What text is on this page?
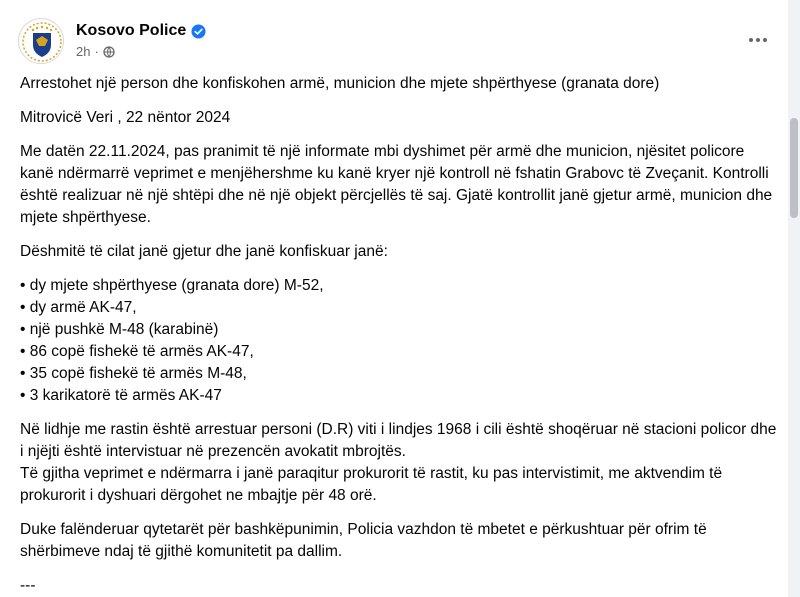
Kosovo Police
2h ·

Arrestohet një person dhe konfiskohen armë, municion dhe mjete shpërthyese (granata dore)

Mitrovicë Veri , 22 nëntor 2024

Me datën 22.11.2024, pas pranimit të një informate mbi dyshimet për armë dhe municion, njësitet policore kanë ndërmarrë veprimet e menjëhershme ku kanë kryer një kontroll në fshatin Grabovc të Zveçanit. Kontrolli është realizuar në një shtëpi dhe në një objekt përcjellës të saj. Gjatë kontrollit janë gjetur armë, municion dhe mjete shpërthyese.

Dëshmitë të cilat janë gjetur dhe janë konfiskuar janë:

• dy mjete shpërthyese (granata dore) M-52,
• dy armë AK-47,
• një pushkë M-48 (karabinë)
• 86 copë fishekë të armës AK-47,
• 35 copë fishekë të armës M-48,
• 3 karikatorë të armës AK-47

Në lidhje me rastin është arrestuar personi (D.R) viti i lindjes 1968 i cili është shoqëruar në stacioni policor dhe i njëjti është intervistuar në prezencën avokatit mbrojtës.
Të gjitha veprimet e ndërmarra i janë paraqitur prokurorit të rastit, ku pas intervistimit, me aktvendim të prokurorit i dyshuari dërgohet ne mbajtje për 48 orë.

Duke falënderuar qytetarët për bashkëpunimin, Policia vazhdon të mbetet e përkushtuar për ofrim të shërbimeve ndaj të gjithë komunitetit pa dallim.

---
